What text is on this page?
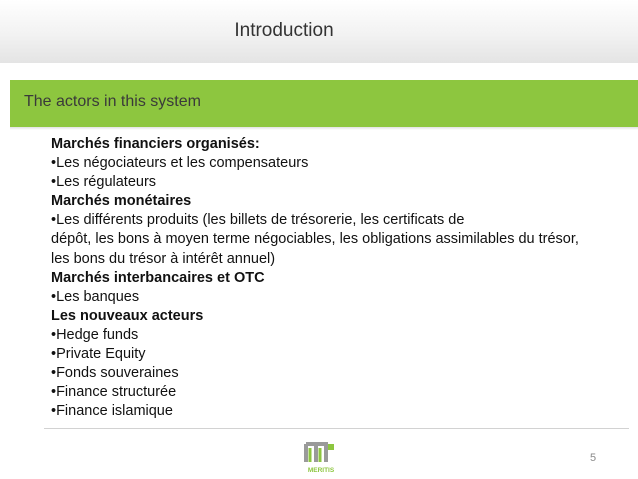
Introduction
The actors in this system
Marchés financiers organisés:
•Les négociateurs et les compensateurs
•Les régulateurs
Marchés monétaires
•Les différents produits (les billets de trésorerie, les certificats de
dépôt, les bons à moyen terme négociables, les obligations assimilables du trésor, les bons du trésor à intérêt annuel)
Marchés interbancaires et OTC
•Les banques
Les nouveaux acteurs
•Hedge funds
•Private Equity
•Fonds souveraines
•Finance structurée
•Finance islamique
MERITIS
5
